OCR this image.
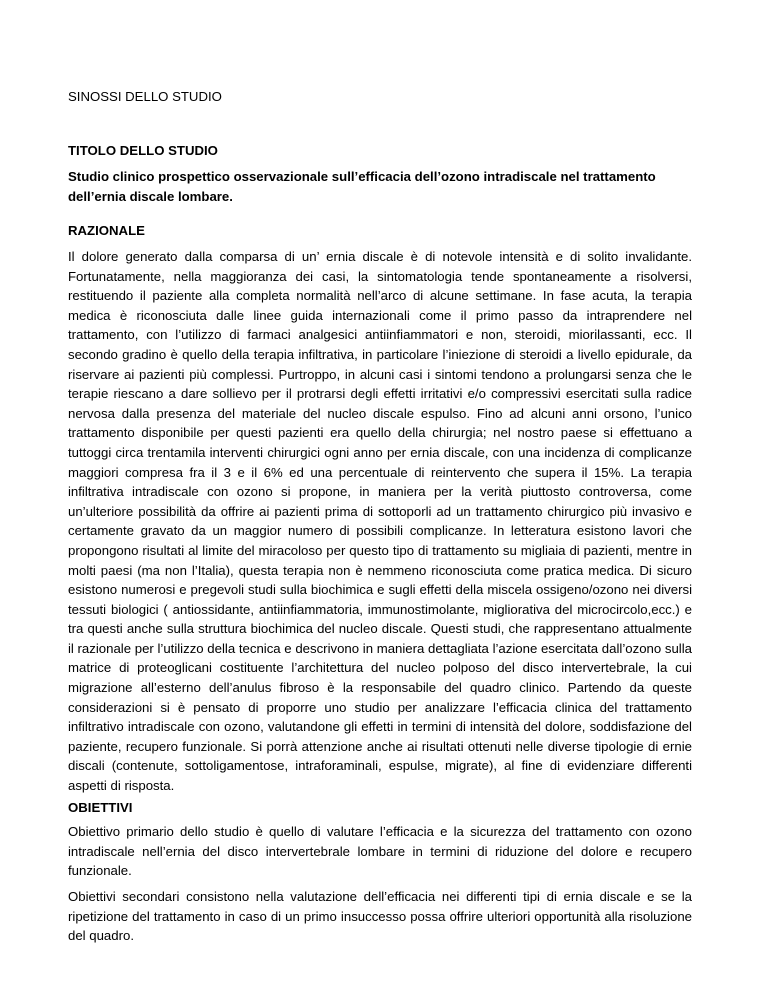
SINOSSI DELLO STUDIO

TITOLO DELLO STUDIO

Studio clinico prospettico osservazionale sull’efficacia dell’ozono intradiscale nel trattamento dell’ernia discale lombare.

RAZIONALE

Il dolore generato dalla comparsa di un’ ernia discale è di notevole intensità e di solito invalidante. Fortunatamente, nella maggioranza dei casi, la sintomatologia tende spontaneamente a risolversi, restituendo il paziente alla completa normalità nell’arco di alcune settimane. In fase acuta, la terapia medica è riconosciuta dalle linee guida internazionali come il primo passo da intraprendere nel trattamento, con l’utilizzo di farmaci analgesici antiinfiammatori e non, steroidi, miorilassanti, ecc. Il secondo gradino è quello della terapia infiltrativa, in particolare l’iniezione di steroidi a livello epidurale, da riservare ai pazienti più complessi. Purtroppo, in alcuni casi i sintomi tendono a prolungarsi senza che le terapie riescano a dare sollievo per il protrarsi degli effetti irritativi e/o compressivi esercitati sulla radice nervosa dalla presenza del materiale del nucleo discale espulso. Fino ad alcuni anni orsono, l’unico trattamento disponibile per questi pazienti era quello della chirurgia; nel nostro paese si effettuano a tuttoggi circa trentamila interventi chirurgici ogni anno per ernia discale, con una incidenza di complicanze maggiori compresa fra il 3 e il 6% ed una percentuale di reintervento che supera il 15%. La terapia infiltrativa intradiscale con ozono si propone, in maniera per la verità piuttosto controversa, come un’ulteriore possibilità da offrire ai pazienti prima di sottoporli ad un trattamento chirurgico più invasivo e certamente gravato da un maggior numero di possibili complicanze. In letteratura esistono lavori che propongono risultati al limite del miracoloso per questo tipo di trattamento su migliaia di pazienti, mentre in molti paesi (ma non l’Italia), questa terapia non è nemmeno riconosciuta come pratica medica. Di sicuro esistono numerosi e pregevoli studi sulla biochimica e sugli effetti della miscela ossigeno/ozono nei diversi tessuti biologici ( antiossidante, antiinfiammatoria, immunostimolante, migliorativa del microcircolo,ecc.) e tra questi anche sulla struttura biochimica del nucleo discale. Questi studi, che rappresentano attualmente il razionale per l’utilizzo della tecnica e descrivono in maniera dettagliata l’azione esercitata dall’ozono sulla matrice di proteoglicani costituente l’architettura del nucleo polposo del disco intervertebrale, la cui migrazione all’esterno dell’anulus fibroso è la responsabile del quadro clinico. Partendo da queste considerazioni si è pensato di proporre uno studio per analizzare l’efficacia clinica del trattamento infiltrativo intradiscale con ozono, valutandone gli effetti in termini di intensità del dolore, soddisfazione del paziente, recupero funzionale. Si porrà attenzione anche ai risultati ottenuti nelle diverse tipologie di ernie discali (contenute, sottoligamentose, intraforaminali, espulse, migrate), al fine di evidenziare differenti aspetti di risposta.

OBIETTIVI

Obiettivo primario dello studio è quello di valutare l’efficacia e la sicurezza del trattamento con ozono intradiscale nell’ernia del disco intervertebrale lombare in termini di riduzione del dolore e recupero funzionale.

Obiettivi secondari consistono nella valutazione dell’efficacia nei differenti tipi di ernia discale e se la ripetizione del trattamento in caso di un primo insuccesso possa offrire ulteriori opportunità alla risoluzione del quadro.
